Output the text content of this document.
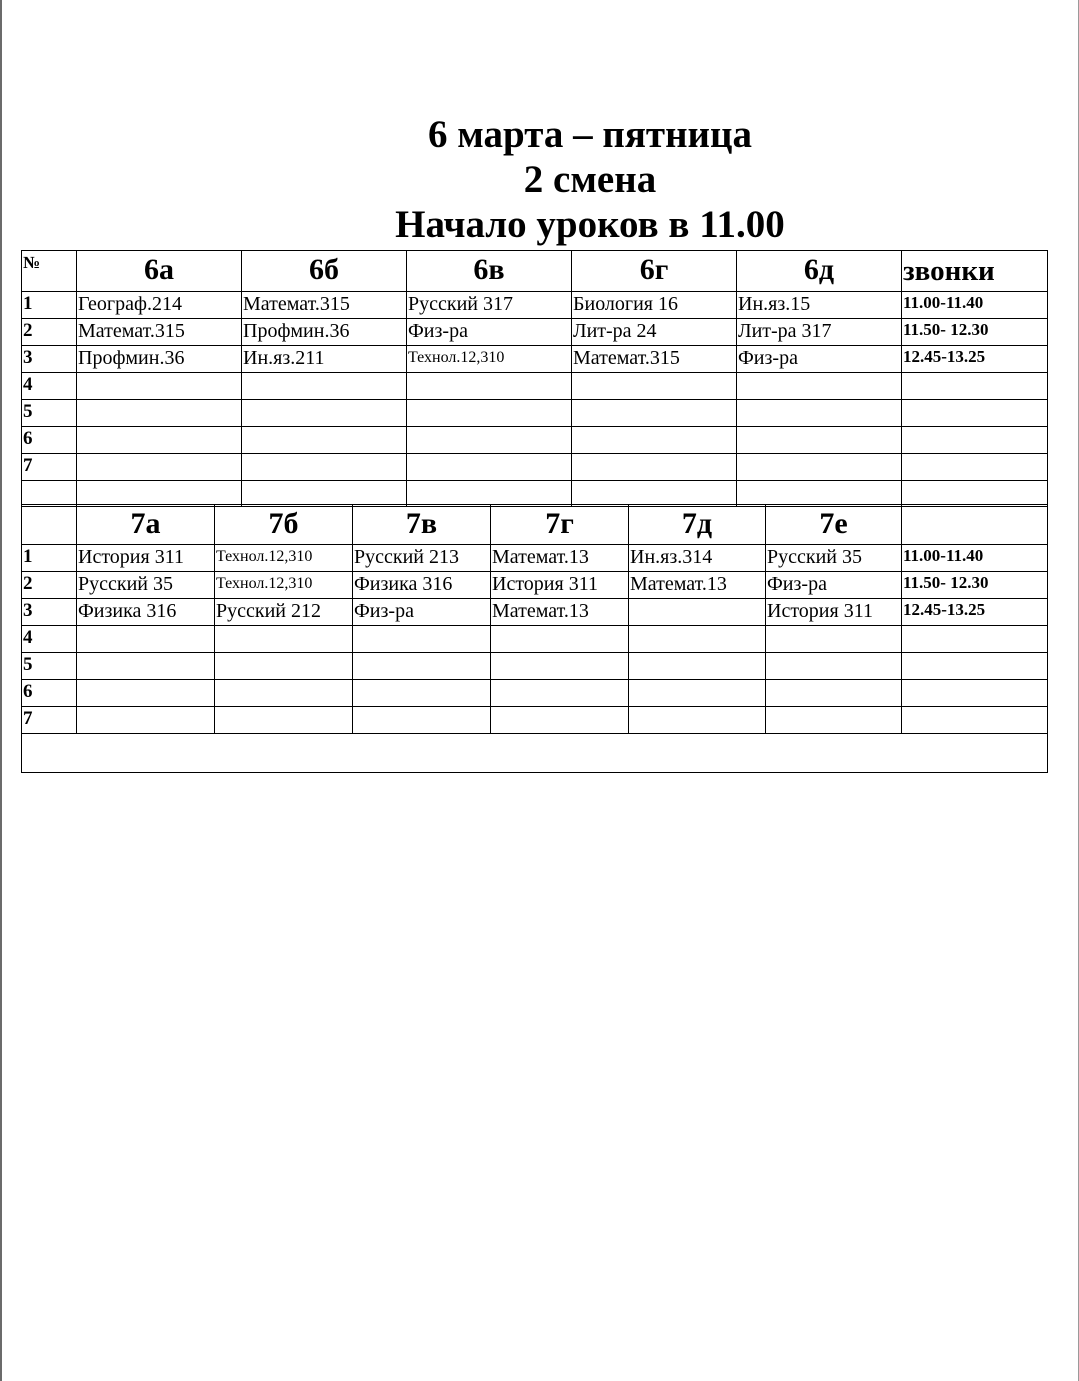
6 марта – пятница
2 смена
Начало уроков в 11.00
№	6а	6б	6в	6г	6д	звонки
1	Географ.214	Математ.315	Русский 317	Биология 16	Ин.яз.15	11.00-11.40
2	Математ.315	Профмин.36	Физ-ра	Лит-ра 24	Лит-ра 317	11.50- 12.30
3	Профмин.36	Ин.яз.211	Технол.12,310	Математ.315	Физ-ра	12.45-13.25
4						
5						
6						
7						

	7а	7б	7в	7г	7д	7е	
1	История 311	Технол.12,310	Русский 213	Математ.13	Ин.яз.314	Русский 35	11.00-11.40
2	Русский 35	Технол.12,310	Физика 316	История 311	Математ.13	Физ-ра	11.50- 12.30
3	Физика 316	Русский 212	Физ-ра	Математ.13		История 311	12.45-13.25
4							
5							
6							
7							
